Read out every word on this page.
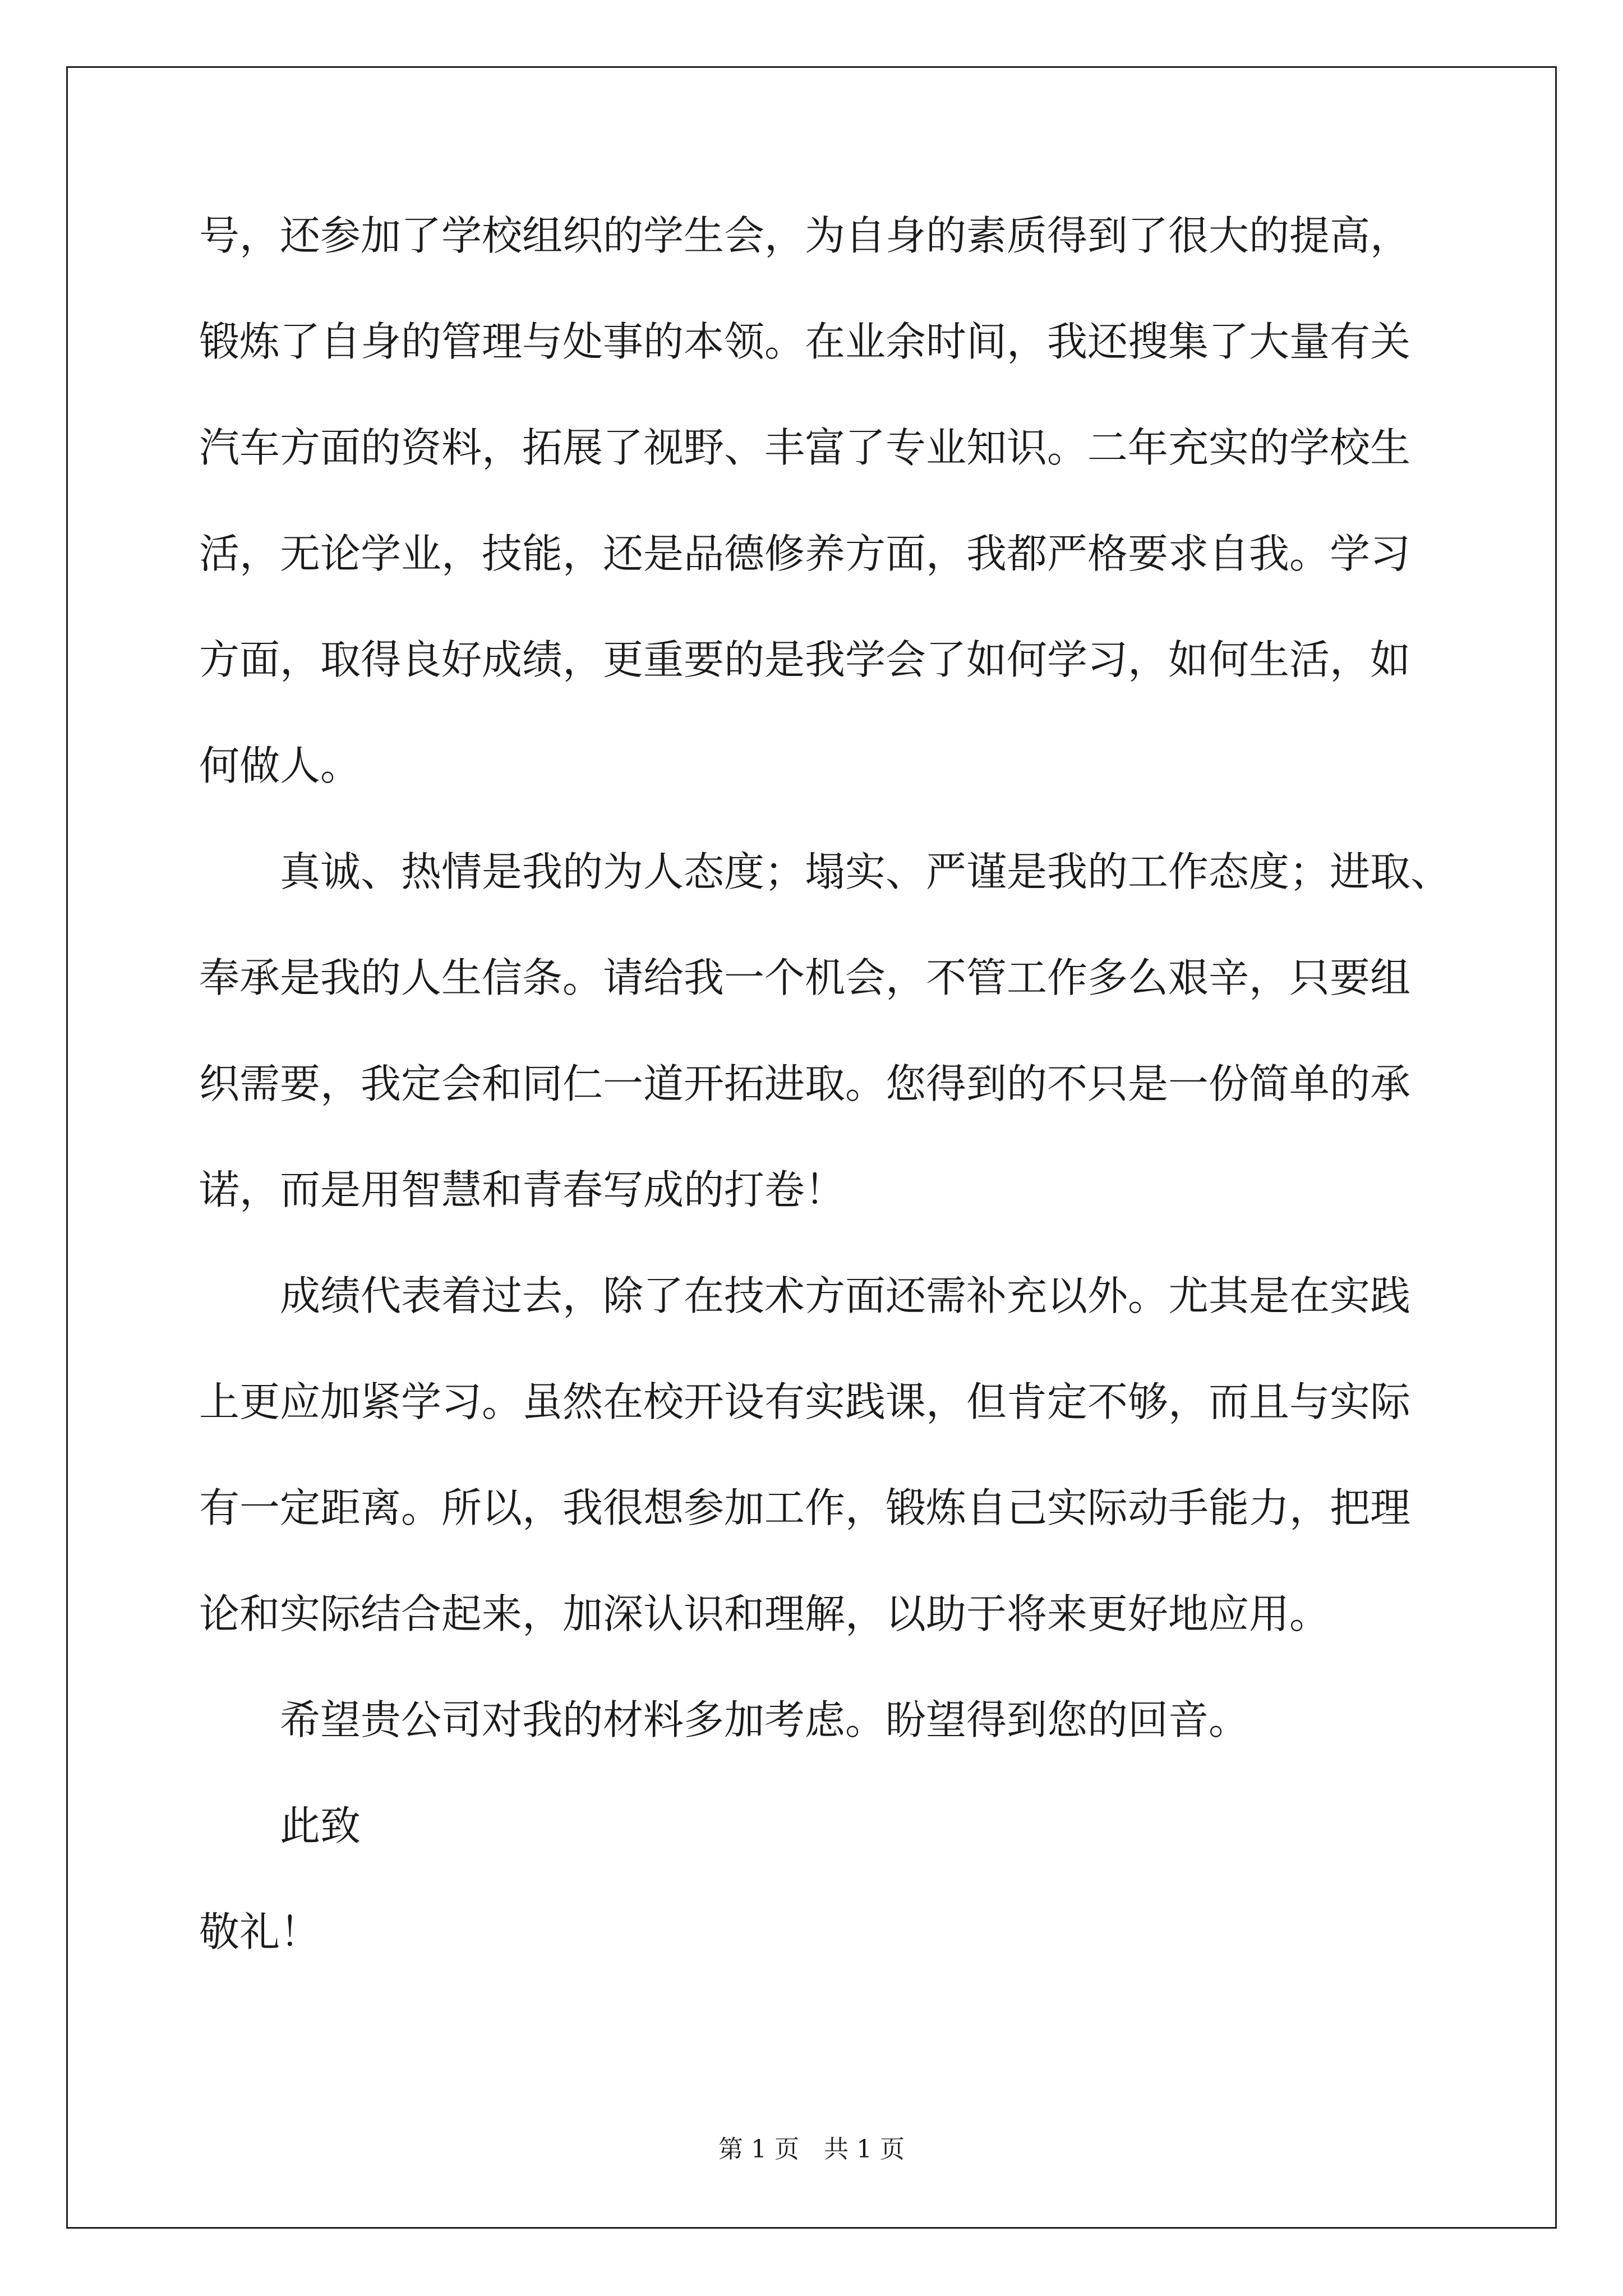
号，还参加了学校组织的学生会，为自身的素质得到了很大的提高，
锻炼了自身的管理与处事的本领。在业余时间，我还搜集了大量有关
汽车方面的资料，拓展了视野、丰富了专业知识。二年充实的学校生
活，无论学业，技能，还是品德修养方面，我都严格要求自我。学习
方面，取得良好成绩，更重要的是我学会了如何学习，如何生活，如
何做人。
真诚、热情是我的为人态度；塌实、严谨是我的工作态度；进取、
奉承是我的人生信条。请给我一个机会，不管工作多么艰辛，只要组
织需要，我定会和同仁一道开拓进取。您得到的不只是一份简单的承
诺，而是用智慧和青春写成的打卷！
成绩代表着过去，除了在技术方面还需补充以外。尤其是在实践
上更应加紧学习。虽然在校开设有实践课，但肯定不够，而且与实际
有一定距离。所以，我很想参加工作，锻炼自己实际动手能力，把理
论和实际结合起来，加深认识和理解，以助于将来更好地应用。
希望贵公司对我的材料多加考虑。盼望得到您的回音。
此致
敬礼！
第 1 页　共 1 页
